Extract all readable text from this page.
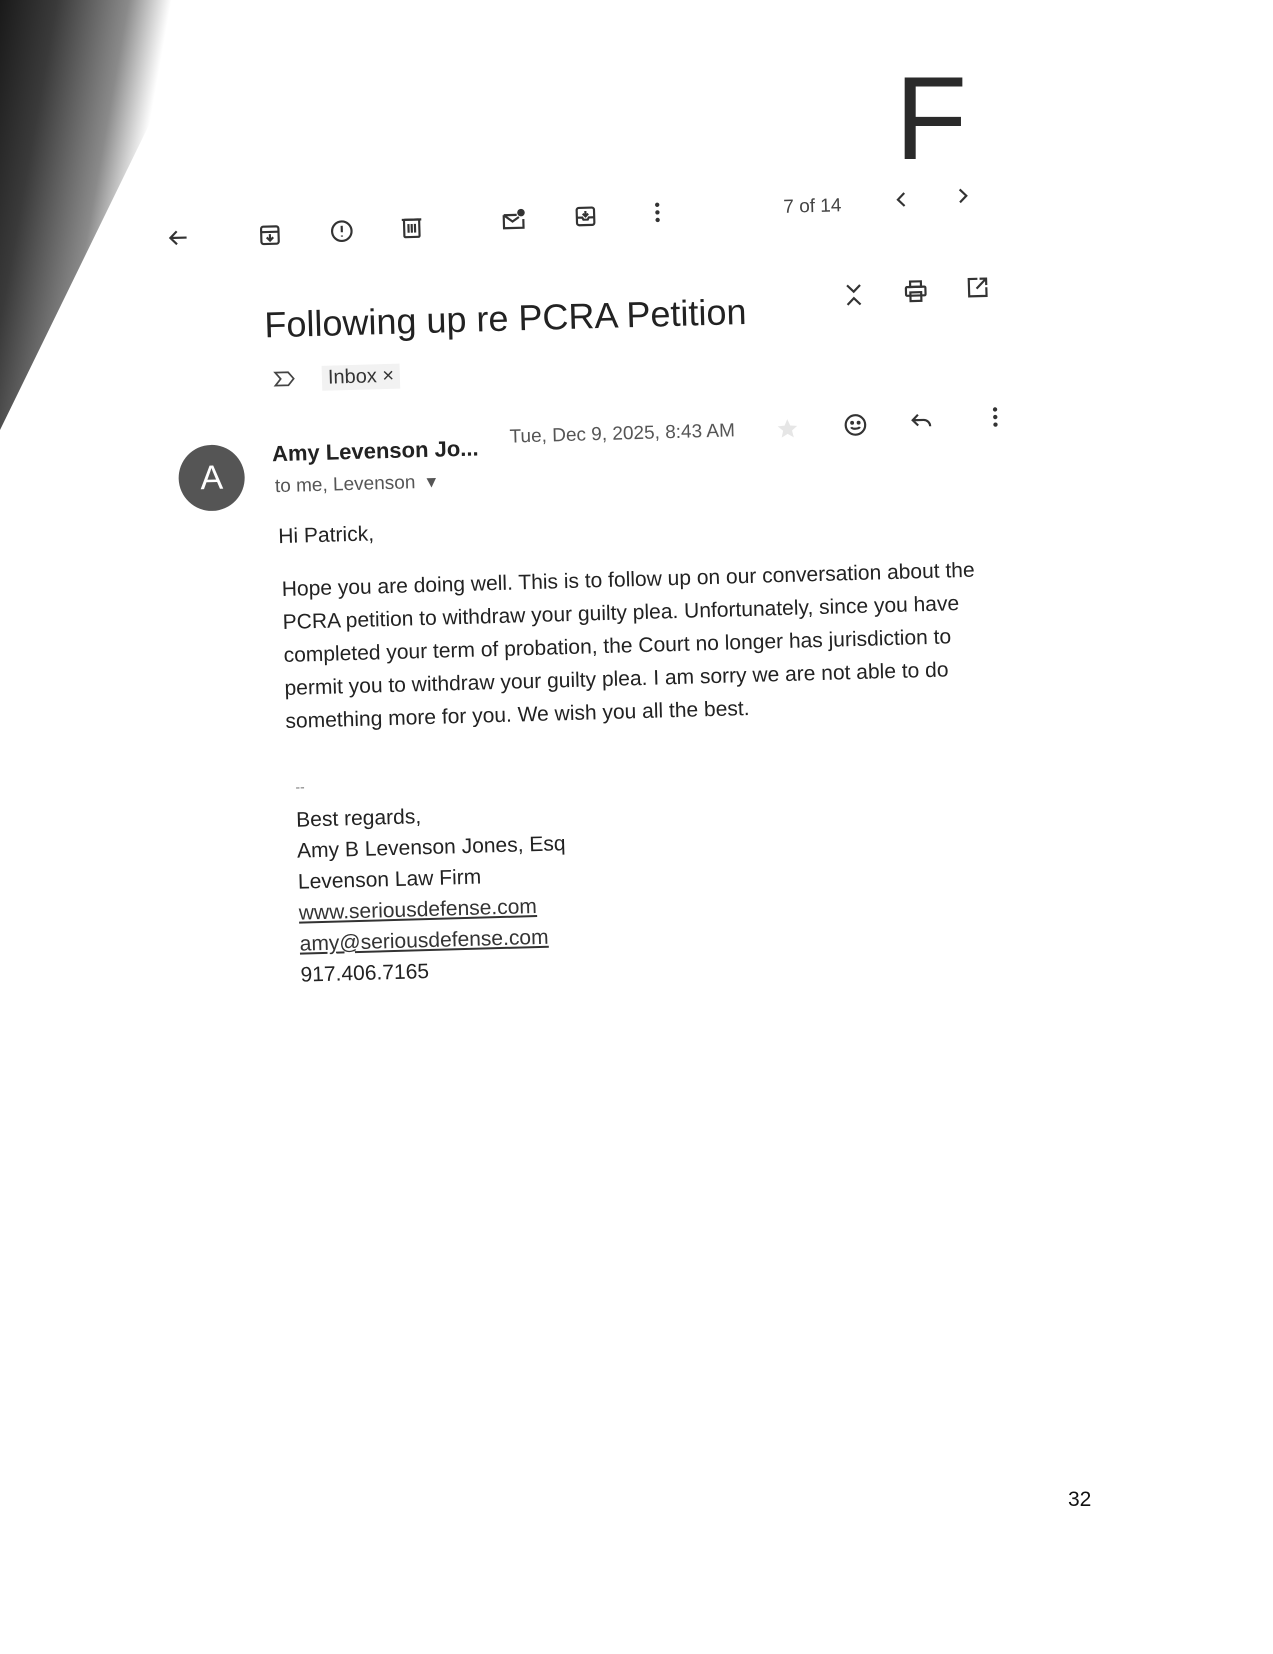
F
7 of 14
Following up re PCRA Petition
Inbox ×
A
Amy Levenson Jo...
Tue, Dec 9, 2025, 8:43 AM
to me, Levenson ▾
Hi Patrick,
Hope you are doing well. This is to follow up on our conversation about the PCRA petition to withdraw your guilty plea. Unfortunately, since you have completed your term of probation, the Court no longer has jurisdiction to permit you to withdraw your guilty plea. I am sorry we are not able to do something more for you. We wish you all the best.
--
Best regards,
Amy B Levenson Jones, Esq
Levenson Law Firm
www.seriousdefense.com
amy@seriousdefense.com
917.406.7165
32
